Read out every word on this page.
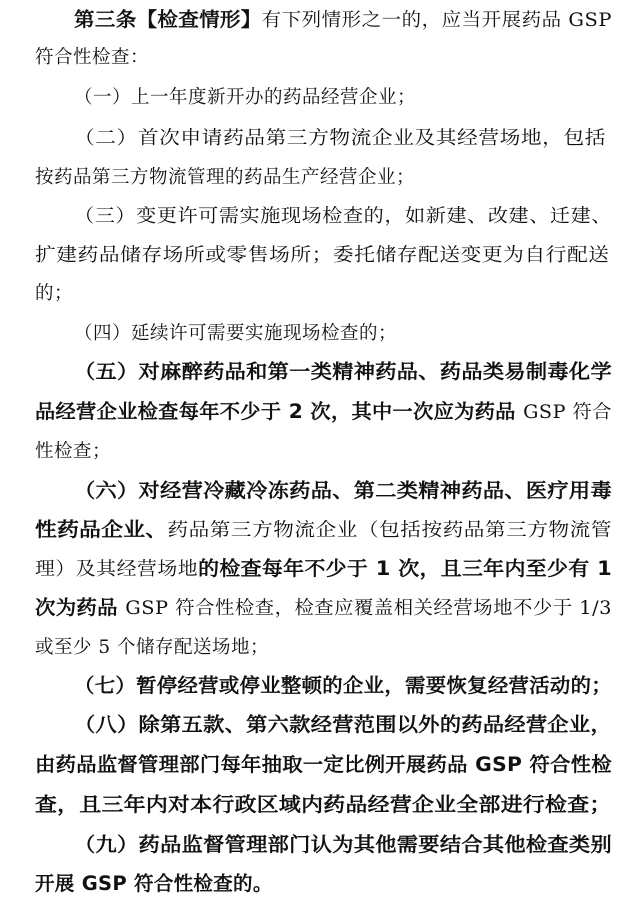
第三条【检查情形】有下列情形之一的，应当开展药品 GSP
符合性检查：
（一）上一年度新开办的药品经营企业；
（二）首次申请药品第三方物流企业及其经营场地，包括
按药品第三方物流管理的药品生产经营企业；
（三）变更许可需实施现场检查的，如新建、改建、迁建、
扩建药品储存场所或零售场所；委托储存配送变更为自行配送
的；
（四）延续许可需要实施现场检查的；
（五）对麻醉药品和第一类精神药品、药品类易制毒化学
品经营企业检查每年不少于 2 次，其中一次应为药品 GSP 符合
性检查；
（六）对经营冷藏冷冻药品、第二类精神药品、医疗用毒
性药品企业、药品第三方物流企业（包括按药品第三方物流管
理）及其经营场地的检查每年不少于 1 次，且三年内至少有 1
次为药品 GSP 符合性检查，检查应覆盖相关经营场地不少于 1/3
或至少 5 个储存配送场地；
（七）暂停经营或停业整顿的企业，需要恢复经营活动的；
（八）除第五款、第六款经营范围以外的药品经营企业，
由药品监督管理部门每年抽取一定比例开展药品 GSP 符合性检
查，且三年内对本行政区域内药品经营企业全部进行检查；
（九）药品监督管理部门认为其他需要结合其他检查类别
开展 GSP 符合性检查的。
